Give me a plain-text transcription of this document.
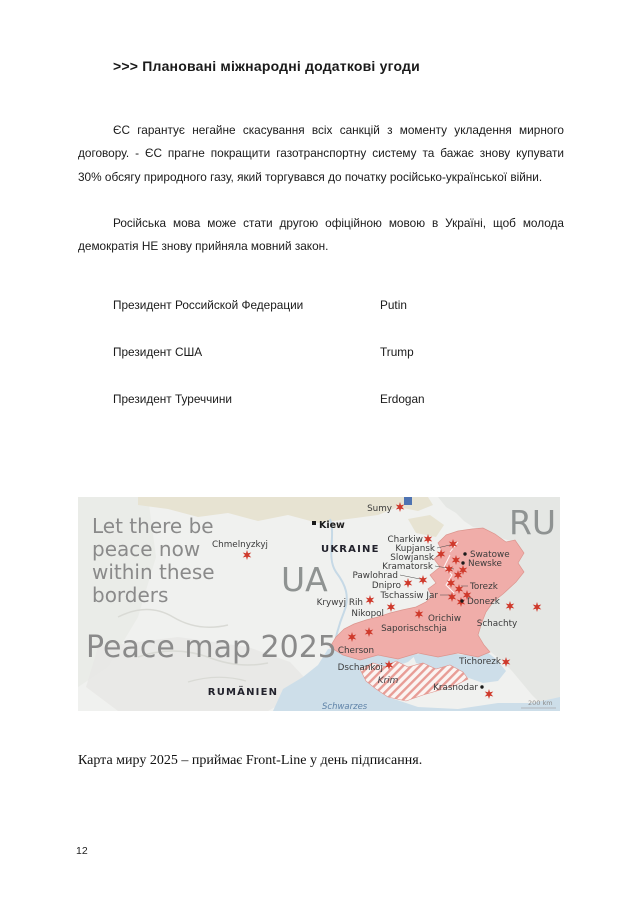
>>> Плановані міжнародні додаткові угоди

ЄС гарантує негайне скасування всіх санкцій з моменту укладення мирного договору. - ЄС прагне покращити газотранспортну систему та бажає знову купувати 30% обсягу природного газу, який торгувався до початку російсько-української війни.

Російська мова може стати другою офіційною мовою в Україні, щоб молода демократія НЕ знову прийняла мовний закон.

Президент Российской Федерации	Putin
Президент США	Trump
Президент Туреччини	Erdogan
Let there be
peace now
within these
borders
Peace map 2025
UA
RU
UKRAINE
RUMÄNIEN
Chmelnyzkyj
Kiew
Sumy
Charkiw
Kupjansk
Slowjansk
Kramatorsk
Pawlohrad
Dnipro
Tschassiw Jar
Krywyj Rih
Nikopol	Orichiw
Saporischschja
Cherson
Dschankoj
Krim
Swatowe
Newske
Torezk
Donezk
Schachty
Tichorezk
Krasnodar
Schwarzes	200 km

Карта миру 2025 – приймає Front-Line у день підписання.

12
